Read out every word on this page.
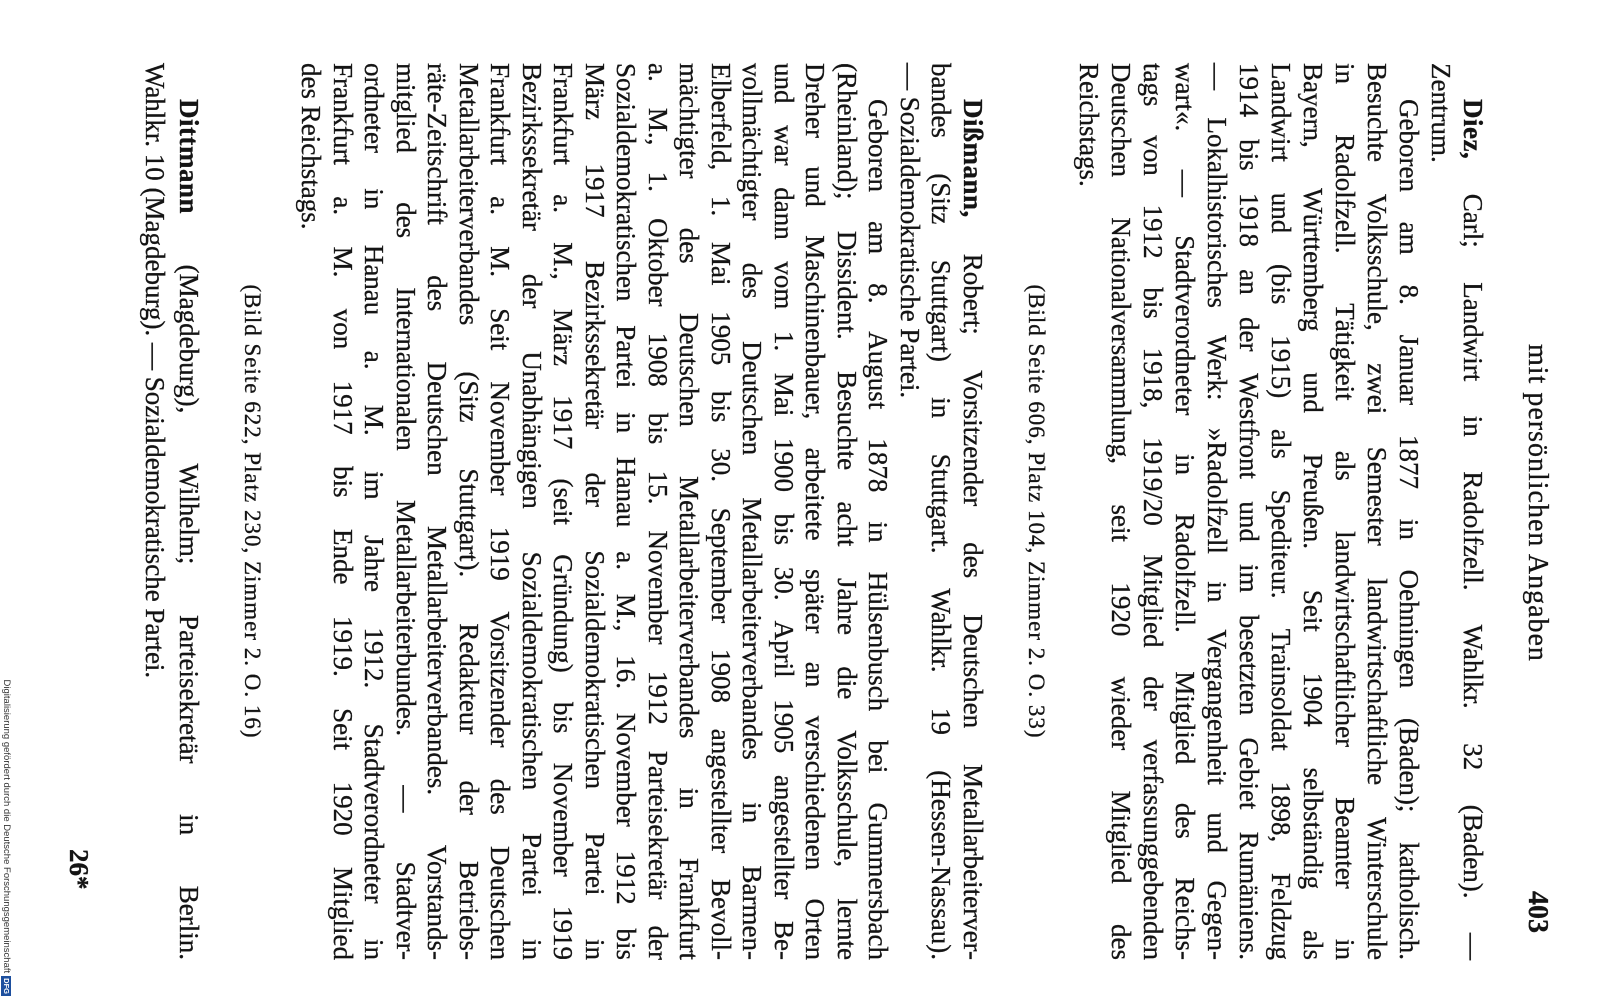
mit persönlichen Angaben
403
Diez, Carl; Landwirt in Radolfzell. Wahlkr. 32 (Baden). —
Zentrum.
Geboren am 8. Januar 1877 in Oehningen (Baden); katholisch.
Besuchte Volksschule, zwei Semester landwirtschaftliche Winterschule
in Radolfzell. Tätigkeit als landwirtschaftlicher Beamter in
Bayern, Württemberg und Preußen. Seit 1904 selbständig als
Landwirt und (bis 1915) als Spediteur. Trainsoldat 1898, Feldzug
1914 bis 1918 an der Westfront und im besetzten Gebiet Rumäniens.
— Lokalhistorisches Werk: »Radolfzell in Vergangenheit und Gegen-
wart«. — Stadtverordneter in Radolfzell. Mitglied des Reichs-
tags von 1912 bis 1918, 1919/20 Mitglied der verfassunggebenden
Deutschen Nationalversammlung, seit 1920 wieder Mitglied des
Reichstags.
(Bild Seite 606, Platz 104, Zimmer 2. O. 33)
Dißmann, Robert; Vorsitzender des Deutschen Metallarbeiterver-
bandes (Sitz Stuttgart) in Stuttgart. Wahlkr. 19 (Hessen-Nassau).
— Sozialdemokratische Partei.
Geboren am 8. August 1878 in Hülsenbusch bei Gummersbach
(Rheinland); Dissident. Besuchte acht Jahre die Volksschule, lernte
Dreher und Maschinenbauer, arbeitete später an verschiedenen Orten
und war dann vom 1. Mai 1900 bis 30. April 1905 angestellter Be-
vollmächtigter des Deutschen Metallarbeiterverbandes in Barmen-
Elberfeld, 1. Mai 1905 bis 30. September 1908 angestellter Bevoll-
mächtigter des Deutschen Metallarbeiterverbandes in Frankfurt
a. M., 1. Oktober 1908 bis 15. November 1912 Parteisekretär der
Sozialdemokratischen Partei in Hanau a. M., 16. November 1912 bis
März 1917 Bezirkssekretär der Sozialdemokratischen Partei in
Frankfurt a. M., März 1917 (seit Gründung) bis November 1919
Bezirkssekretär der Unabhängigen Sozialdemokratischen Partei in
Frankfurt a. M. Seit November 1919 Vorsitzender des Deutschen
Metallarbeiterverbandes (Sitz Stuttgart). Redakteur der Betriebs-
räte-Zeitschrift des Deutschen Metallarbeiterverbandes. Vorstands-
mitglied des Internationalen Metallarbeiterbundes. — Stadtver-
ordneter in Hanau a. M. im Jahre 1912. Stadtverordneter in
Frankfurt a. M. von 1917 bis Ende 1919. Seit 1920 Mitglied
des Reichstags.
(Bild Seite 622, Platz 230, Zimmer 2. O. 16)
Dittmann (Magdeburg), Wilhelm; Parteisekretär in Berlin.
Wahlkr. 10 (Magdeburg). — Sozialdemokratische Partei.
26*
Digitalisierung gefördert durch die Deutsche Forschungsgemeinschaft
DFG
